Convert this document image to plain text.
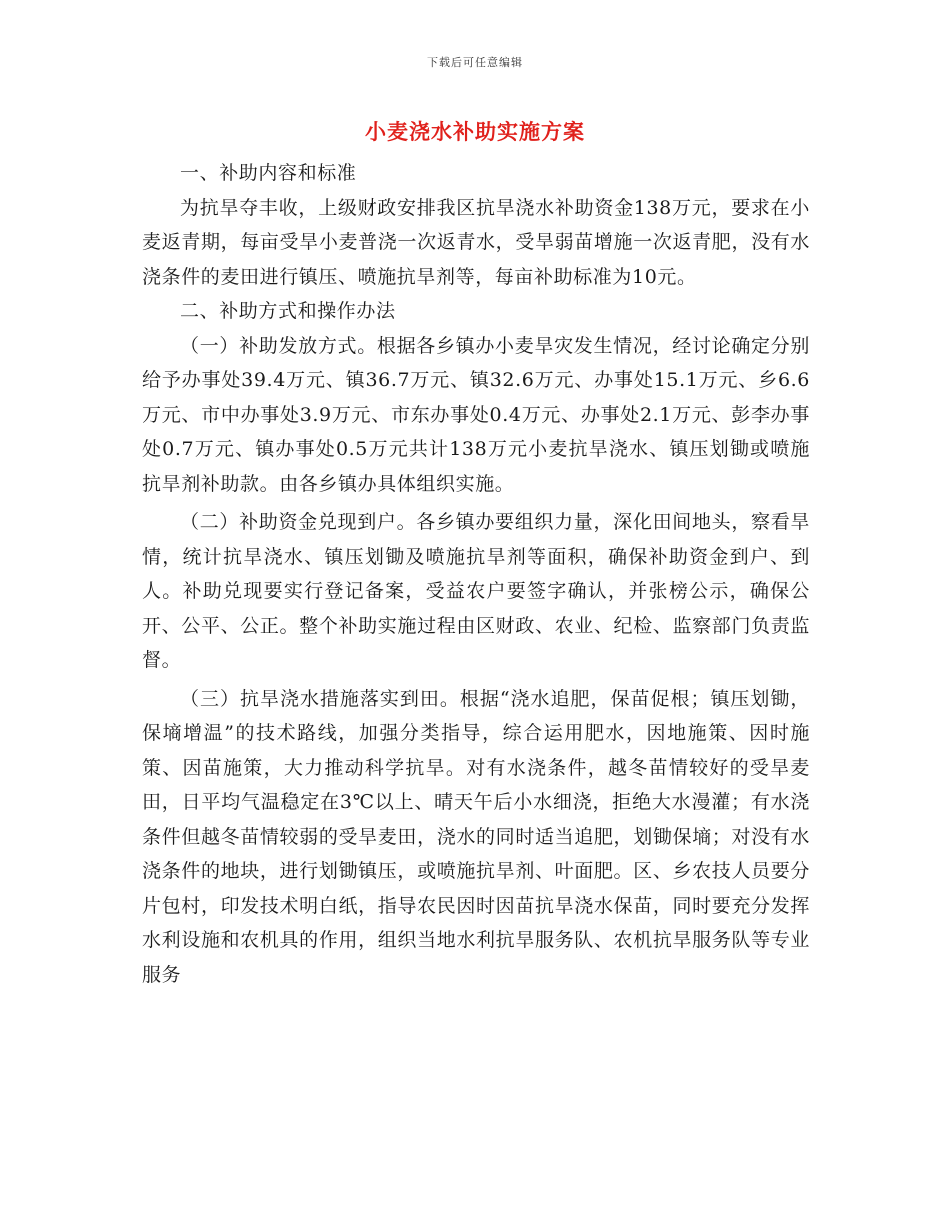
下载后可任意编辑
小麦浇水补助实施方案

一、补助内容和标准

为抗旱夺丰收，上级财政安排我区抗旱浇水补助资金138万元，要求在小麦返青期，每亩受旱小麦普浇一次返青水，受旱弱苗增施一次返青肥，没有水浇条件的麦田进行镇压、喷施抗旱剂等，每亩补助标准为10元。

二、补助方式和操作办法

（一）补助发放方式。根据各乡镇办小麦旱灾发生情况，经讨论确定分别给予办事处39.4万元、镇36.7万元、镇32.6万元、办事处15.1万元、乡6.6万元、市中办事处3.9万元、市东办事处0.4万元、办事处2.1万元、彭李办事处0.7万元、镇办事处0.5万元共计138万元小麦抗旱浇水、镇压划锄或喷施抗旱剂补助款。由各乡镇办具体组织实施。

（二）补助资金兑现到户。各乡镇办要组织力量，深化田间地头，察看旱情，统计抗旱浇水、镇压划锄及喷施抗旱剂等面积，确保补助资金到户、到人。补助兑现要实行登记备案，受益农户要签字确认，并张榜公示，确保公开、公平、公正。整个补助实施过程由区财政、农业、纪检、监察部门负责监督。

（三）抗旱浇水措施落实到田。根据“浇水追肥，保苗促根；镇压划锄，保墒增温”的技术路线，加强分类指导，综合运用肥水，因地施策、因时施策、因苗施策，大力推动科学抗旱。对有水浇条件，越冬苗情较好的受旱麦田，日平均气温稳定在3℃以上、晴天午后小水细浇，拒绝大水漫灌；有水浇条件但越冬苗情较弱的受旱麦田，浇水的同时适当追肥，划锄保墒；对没有水浇条件的地块，进行划锄镇压，或喷施抗旱剂、叶面肥。区、乡农技人员要分片包村，印发技术明白纸，指导农民因时因苗抗旱浇水保苗，同时要充分发挥水利设施和农机具的作用，组织当地水利抗旱服务队、农机抗旱服务队等专业服务
